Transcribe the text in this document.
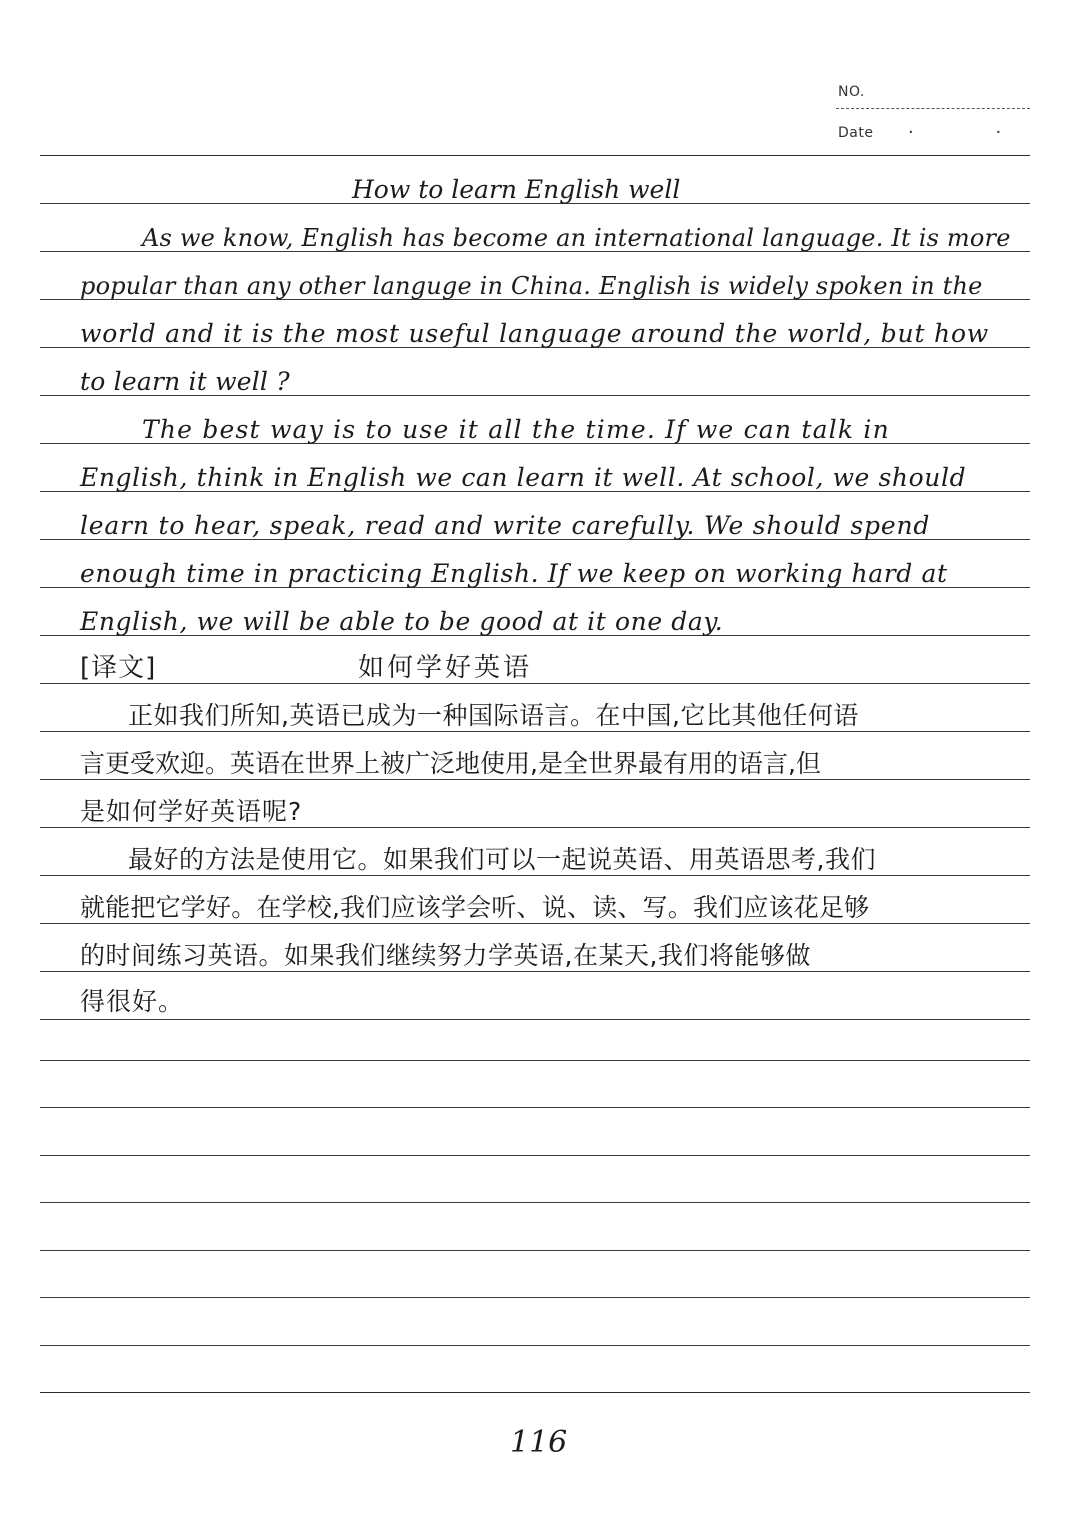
NO.
Date · ·
How to learn English well
As we know, English has become an international language. It is more
popular than any other languge in China. English is widely spoken in the
world and it is the most useful language around the world, but how
to learn it well ?
The best way is to use it all the time. If we can talk in
English, think in English we can learn it well. At school, we should
learn to hear, speak, read and write carefully. We should spend
enough time in practicing English. If we keep on working hard at
English, we will be able to be good at it one day.
[译文]	如何学好英语
正如我们所知,英语已成为一种国际语言。在中国,它比其他任何语
言更受欢迎。英语在世界上被广泛地使用,是全世界最有用的语言,但
是如何学好英语呢?
最好的方法是使用它。如果我们可以一起说英语、用英语思考,我们
就能把它学好。在学校,我们应该学会听、说、读、写。我们应该花足够
的时间练习英语。如果我们继续努力学英语,在某天,我们将能够做
得很好。
116
